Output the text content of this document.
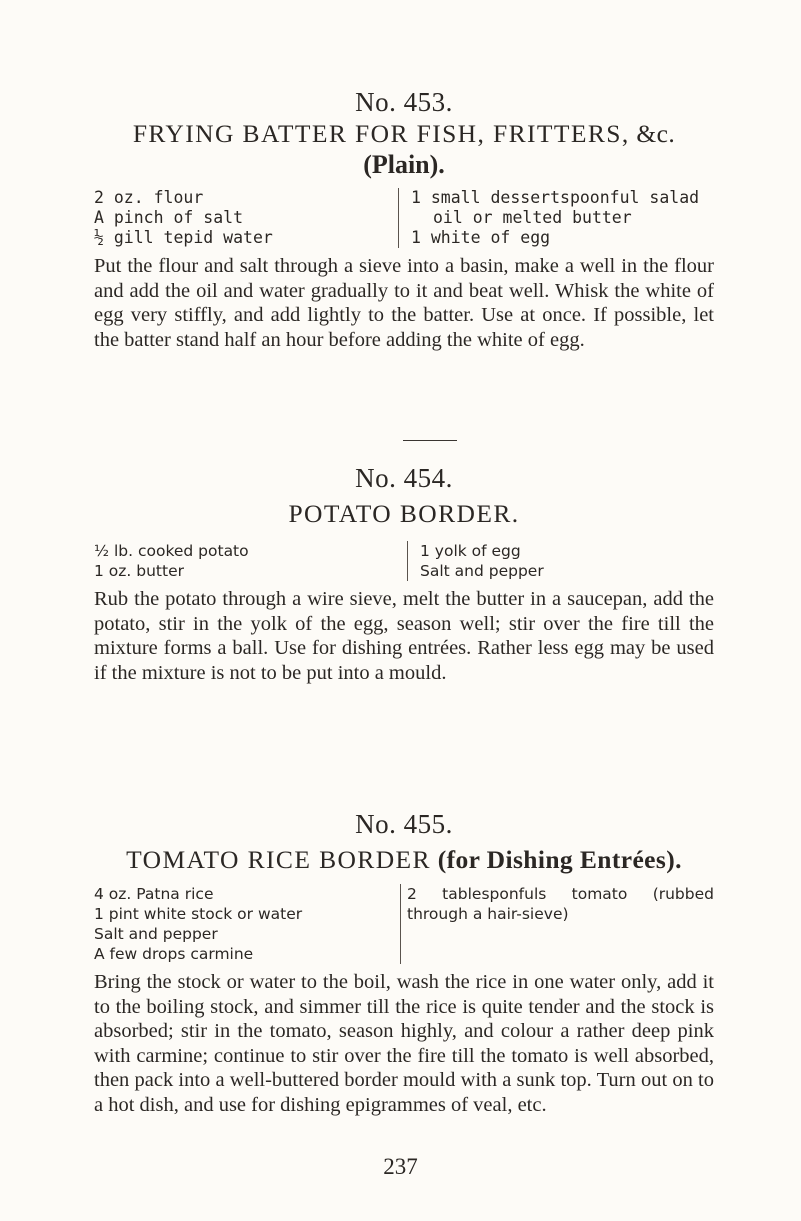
No. 453.
FRYING BATTER FOR FISH, FRITTERS, &c.
(Plain).
2 oz. flour
A pinch of salt
½ gill tepid water
1 small dessertspoonful salad
oil or melted butter
1 white of egg

Put the flour and salt through a sieve into a basin, make a well in the flour and add the oil and water gradually to it and beat well. Whisk the white of egg very stiffly, and add lightly to the batter. Use at once. If possible, let the batter stand half an hour before adding the white of egg.

No. 454.
POTATO BORDER.
½ lb. cooked potato
1 oz. butter
1 yolk of egg
Salt and pepper

Rub the potato through a wire sieve, melt the butter in a saucepan, add the potato, stir in the yolk of the egg, season well; stir over the fire till the mixture forms a ball. Use for dishing entrées. Rather less egg may be used if the mixture is not to be put into a mould.

No. 455.
TOMATO RICE BORDER (for Dishing Entrées).
4 oz. Patna rice
1 pint white stock or water
Salt and pepper
A few drops carmine
2 tablesponfuls tomato (rubbed through a hair-sieve)

Bring the stock or water to the boil, wash the rice in one water only, add it to the boiling stock, and simmer till the rice is quite tender and the stock is absorbed; stir in the tomato, season highly, and colour a rather deep pink with carmine; continue to stir over the fire till the tomato is well absorbed, then pack into a well-buttered border mould with a sunk top. Turn out on to a hot dish, and use for dishing epigrammes of veal, etc.

237
